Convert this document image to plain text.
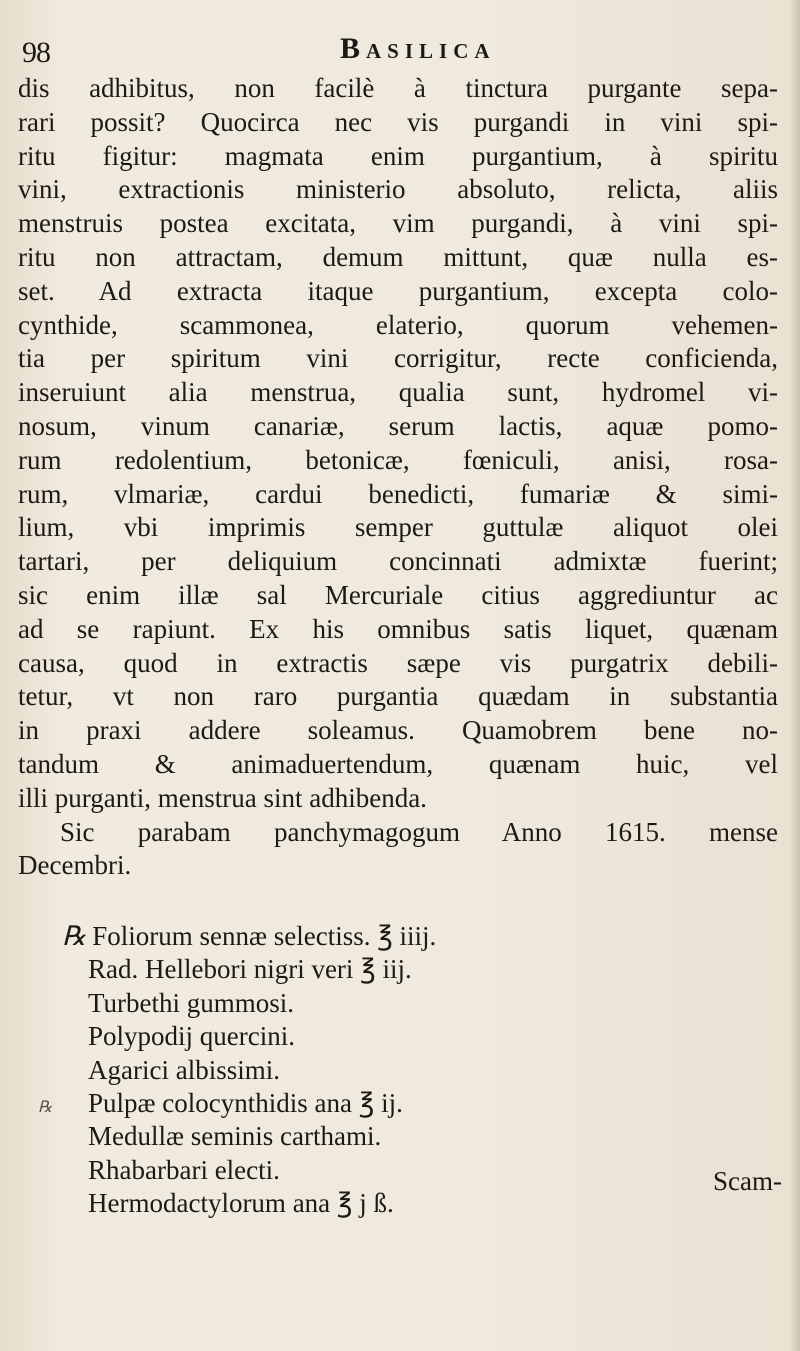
98	Basilica
dis adhibitus, non facilè à tinctura purgante sepa-
rari possit? Quocirca nec vis purgandi in vini spi-
ritu figitur: magmata enim purgantium, à spiritu
vini, extractionis ministerio absoluto, relicta, aliis
menstruis postea excitata, vim purgandi, à vini spi-
ritu non attractam, demum mittunt, quæ nulla es-
set. Ad extracta itaque purgantium, excepta colo-
cynthide, scammonea, elaterio, quorum vehemen-
tia per spiritum vini corrigitur, recte conficienda,
inseruiunt alia menstrua, qualia sunt, hydromel vi-
nosum, vinum canariæ, serum lactis, aquæ pomo-
rum redolentium, betonicæ, fœniculi, anisi, rosa-
rum, vlmariæ, cardui benedicti, fumariæ & simi-
lium, vbi imprimis semper guttulæ aliquot olei
tartari, per deliquium concinnati admixtæ fuerint;
sic enim illæ sal Mercuriale citius aggrediuntur ac
ad se rapiunt. Ex his omnibus satis liquet, quænam
causa, quod in extractis sæpe vis purgatrix debili-
tetur, vt non raro purgantia quædam in substantia
in praxi addere soleamus. Quamobrem bene no-
tandum & animaduertendum, quænam huic, vel
illi purganti, menstrua sint adhibenda.
Sic parabam panchymagogum Anno 1615. mense
Decembri.
℞ Foliorum sennæ selectiss. ℥ iiij.
Rad. Hellebori nigri veri ℥ iij.
Turbethi gummosi.
Polypodij quercini.
Agarici albissimi.
℞ Pulpæ colocynthidis ana ℥ ij.
Medullæ seminis carthami.
Rhabarbari electi.
Hermodactylorum ana ℥ j ß.
Scam-
